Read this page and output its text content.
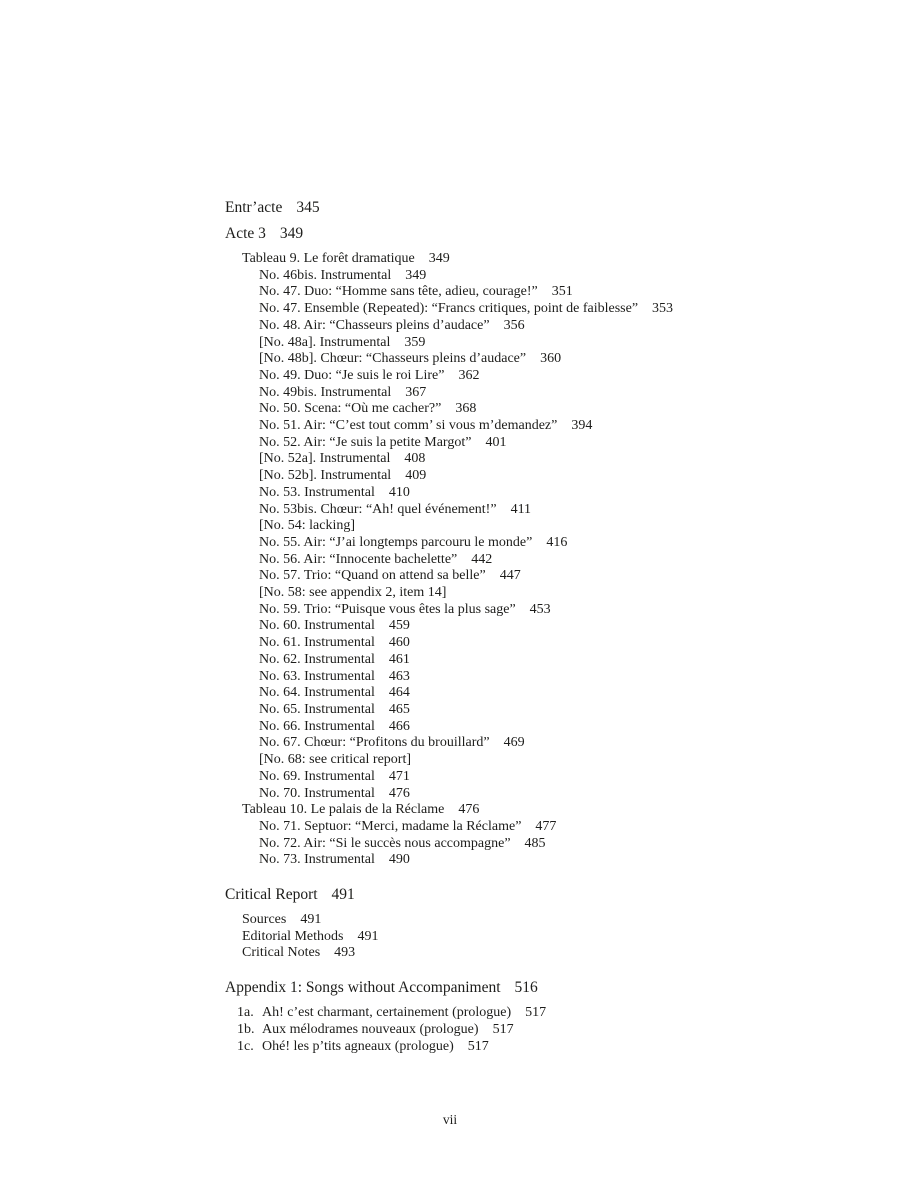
Entr’acte 345
Acte 3 349
Tableau 9. Le forêt dramatique 349
No. 46bis. Instrumental 349
No. 47. Duo: “Homme sans tête, adieu, courage!” 351
No. 47. Ensemble (Repeated): “Francs critiques, point de faiblesse” 353
No. 48. Air: “Chasseurs pleins d’audace” 356
[No. 48a]. Instrumental 359
[No. 48b]. Chœur: “Chasseurs pleins d’audace” 360
No. 49. Duo: “Je suis le roi Lire” 362
No. 49bis. Instrumental 367
No. 50. Scena: “Où me cacher?” 368
No. 51. Air: “C’est tout comm’ si vous m’demandez” 394
No. 52. Air: “Je suis la petite Margot” 401
[No. 52a]. Instrumental 408
[No. 52b]. Instrumental 409
No. 53. Instrumental 410
No. 53bis. Chœur: “Ah! quel événement!” 411
[No. 54: lacking]
No. 55. Air: “J’ai longtemps parcouru le monde” 416
No. 56. Air: “Innocente bachelette” 442
No. 57. Trio: “Quand on attend sa belle” 447
[No. 58: see appendix 2, item 14]
No. 59. Trio: “Puisque vous êtes la plus sage” 453
No. 60. Instrumental 459
No. 61. Instrumental 460
No. 62. Instrumental 461
No. 63. Instrumental 463
No. 64. Instrumental 464
No. 65. Instrumental 465
No. 66. Instrumental 466
No. 67. Chœur: “Profitons du brouillard” 469
[No. 68: see critical report]
No. 69. Instrumental 471
No. 70. Instrumental 476
Tableau 10. Le palais de la Réclame 476
No. 71. Septuor: “Merci, madame la Réclame” 477
No. 72. Air: “Si le succès nous accompagne” 485
No. 73. Instrumental 490
Critical Report 491
Sources 491
Editorial Methods 491
Critical Notes 493
Appendix 1: Songs without Accompaniment 516
1a. Ah! c’est charmant, certainement (prologue) 517
1b. Aux mélodrames nouveaux (prologue) 517
1c. Ohé! les p’tits agneaux (prologue) 517
vii
